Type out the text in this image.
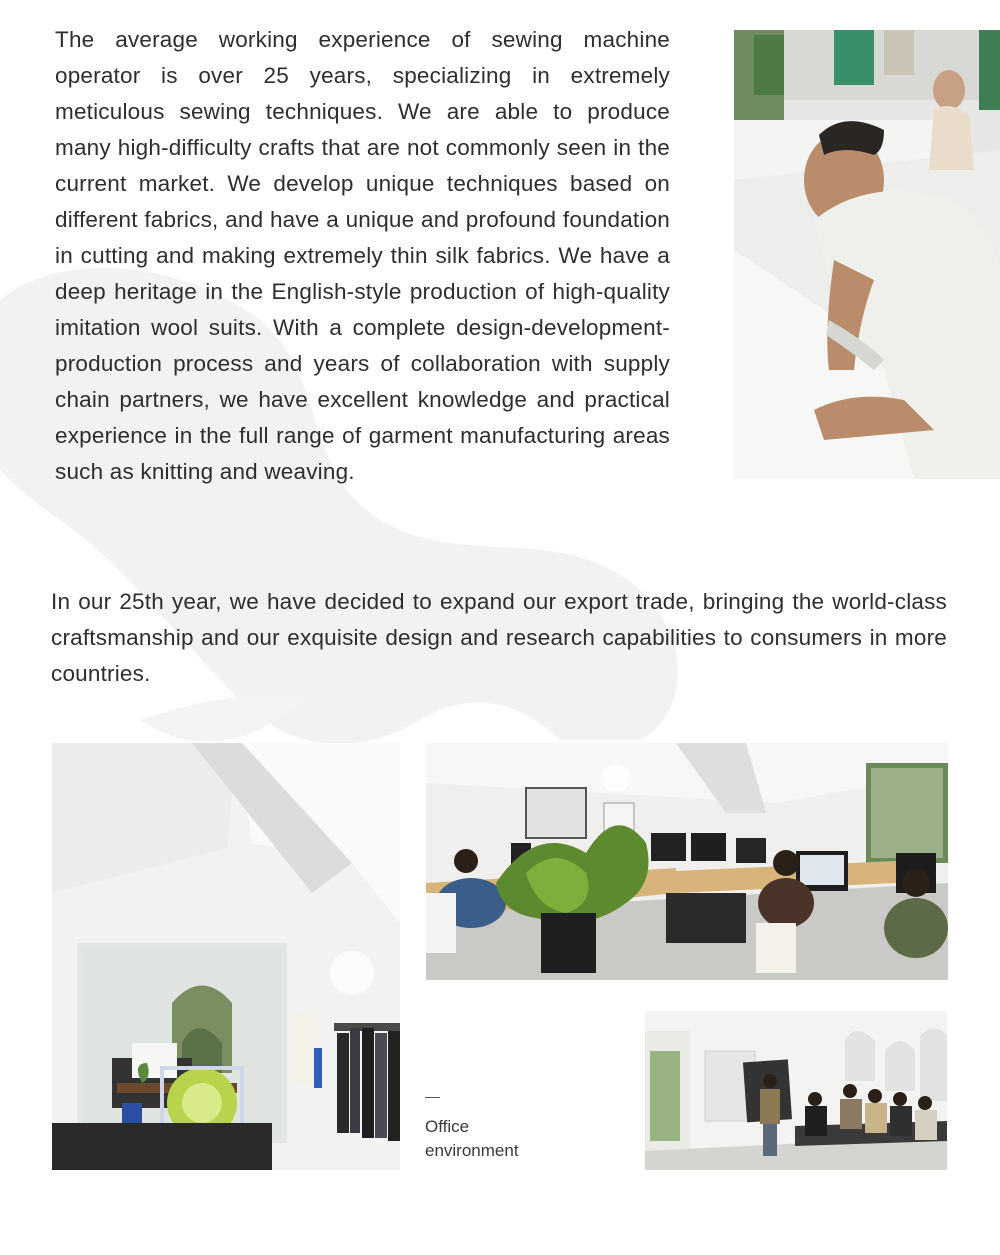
The average working experience of sewing machine operator is over 25 years, specializing in extremely meticulous sewing techniques. We are able to produce many high-difficulty crafts that are not commonly seen in the current market. We develop unique techniques based on different fabrics, and have a unique and profound foundation in cutting and making extremely thin silk fabrics. We have a deep heritage in the English-style production of high-quality imitation wool suits. With a complete design-development-production process and years of collaboration with supply chain partners, we have excellent knowledge and practical experience in the full range of garment manufacturing areas such as knitting and weaving.

In our 25th year, we have decided to expand our export trade, bringing the world-class craftsmanship and our exquisite design and research capabilities to consumers in more countries.

Office
environment
